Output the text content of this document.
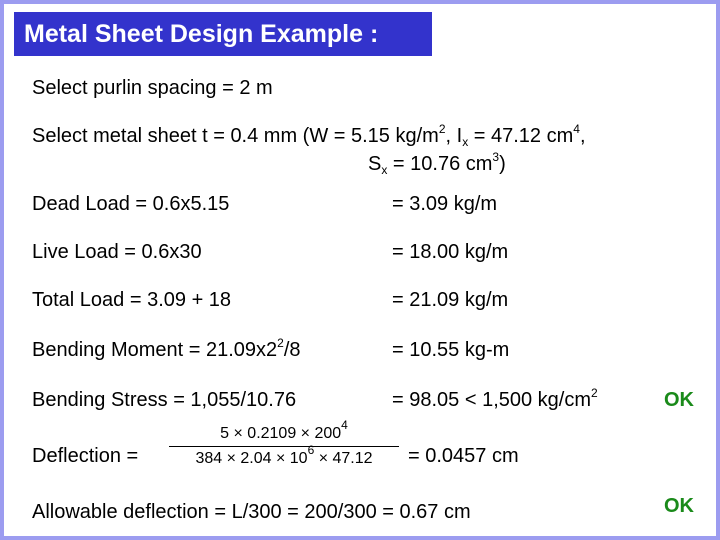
Metal Sheet Design Example :
Select purlin spacing = 2 m
Select metal sheet t = 0.4 mm (W = 5.15 $kg/m^2$, $I_x = 47.12$ $cm^4$,
$S_x = 10.76$ $cm^3$)
Dead Load = 0.6x5.15	= 3.09 kg/m
Live Load = 0.6x30	= 18.00 kg/m
Total Load = 3.09 + 18	= 21.09 kg/m
Bending Moment = $21.09x2^2/8$	= 10.55 kg-m
Bending Stress = 1,055/10.76	= 98.05 < 1,500 $kg/cm^2$	OK
Deflection =
$5 \times 0.2109 \times 200^4$
$384 \times 2.04 \times 10^6 \times 47.12$	= 0.0457 cm
Allowable deflection = L/300 = 200/300 = 0.67 cm	OK
